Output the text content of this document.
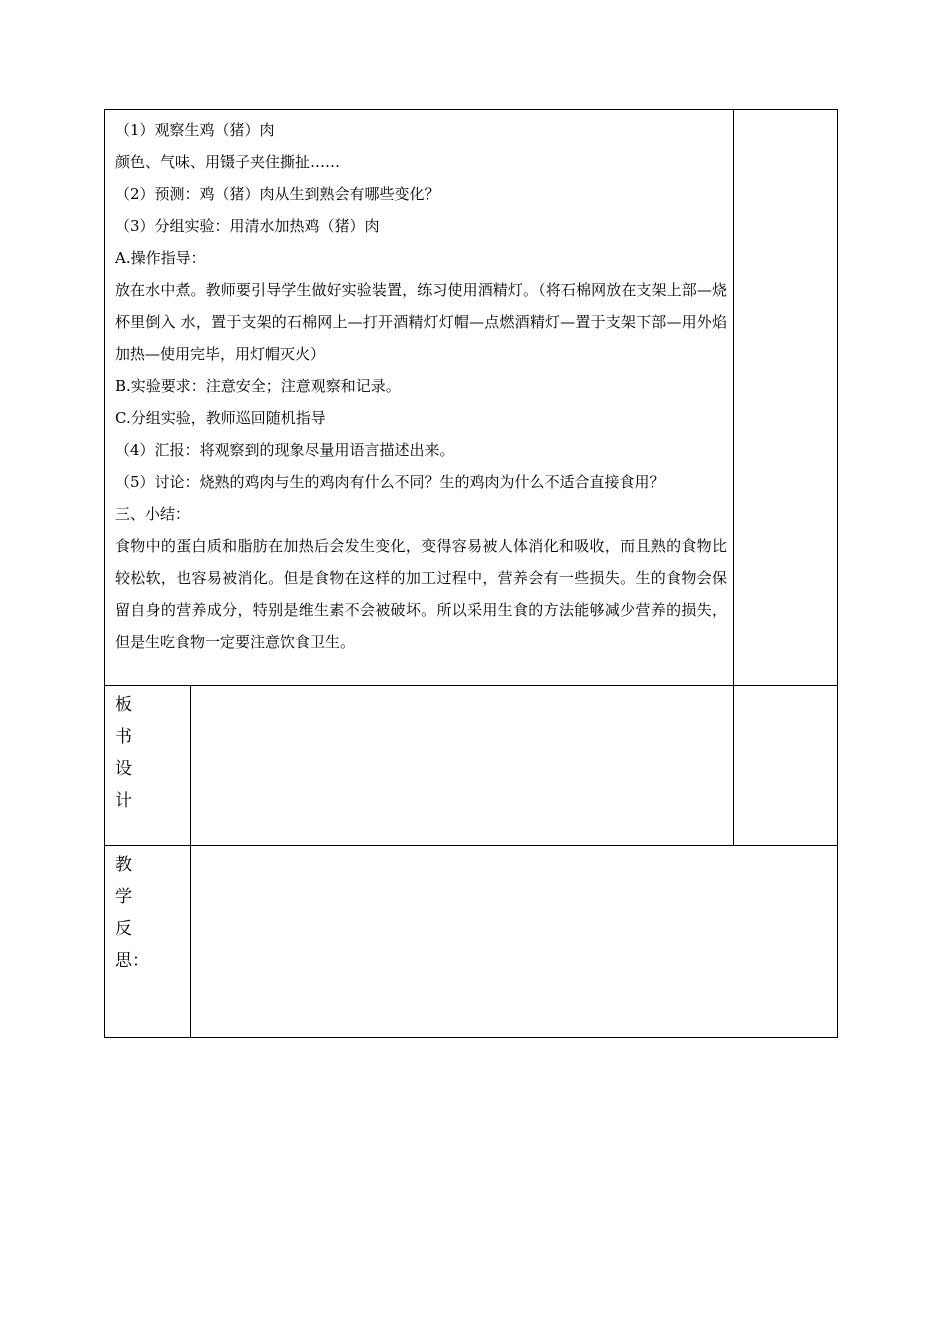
（1）观察生鸡（猪）肉
颜色、气味、用镊子夹住撕扯……
（2）预测：鸡（猪）肉从生到熟会有哪些变化？
（3）分组实验：用清水加热鸡（猪）肉
A.操作指导：
放在水中煮。教师要引导学生做好实验装置，练习使用酒精灯。（将石棉网放在支架上部—烧杯里倒入 水，置于支架的石棉网上—打开酒精灯灯帽—点燃酒精灯—置于支架下部—用外焰加热—使用完毕，用灯帽灭火）
B.实验要求：注意安全；注意观察和记录。
C.分组实验，教师巡回随机指导
（4）汇报：将观察到的现象尽量用语言描述出来。
（5）讨论：烧熟的鸡肉与生的鸡肉有什么不同？生的鸡肉为什么不适合直接食用？
三、小结：
食物中的蛋白质和脂肪在加热后会发生变化，变得容易被人体消化和吸收，而且熟的食物比较松软，也容易被消化。但是食物在这样的加工过程中，营养会有一些损失。生的食物会保留自身的营养成分，特别是维生素不会被破坏。所以采用生食的方法能够减少营养的损失，但是生吃食物一定要注意饮食卫生。
板
书
设
计
教
学
反
思：
